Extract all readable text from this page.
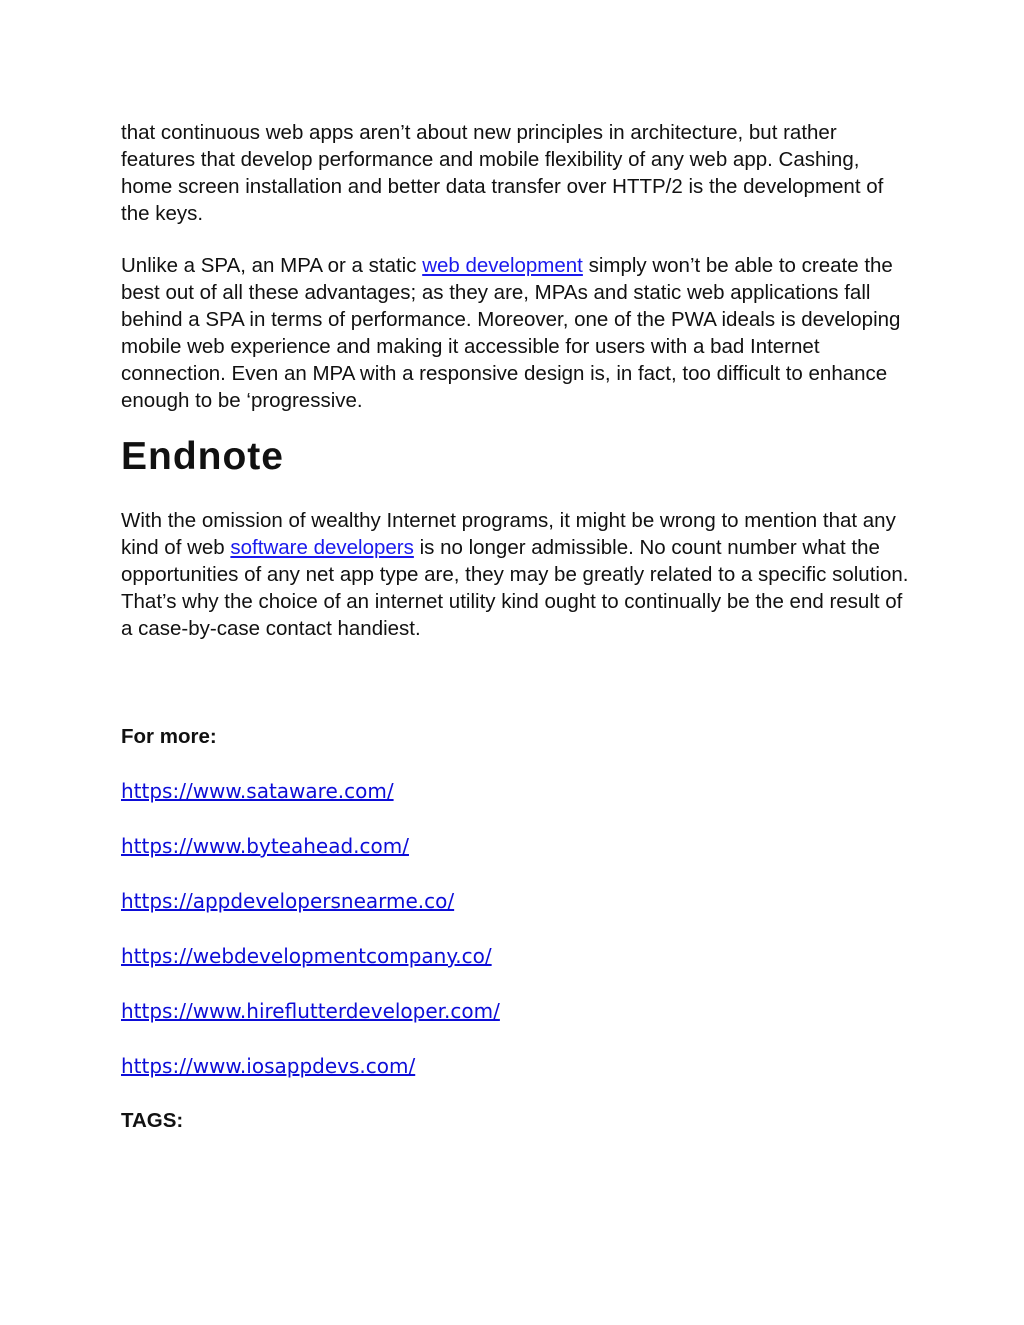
that continuous web apps aren’t about new principles in architecture, but rather features that develop performance and mobile flexibility of any web app. Cashing, home screen installation and better data transfer over HTTP/2 is the development of the keys.

Unlike a SPA, an MPA or a static web development simply won’t be able to create the best out of all these advantages; as they are, MPAs and static web applications fall behind a SPA in terms of performance. Moreover, one of the PWA ideals is developing mobile web experience and making it accessible for users with a bad Internet connection. Even an MPA with a responsive design is, in fact, too difficult to enhance enough to be ‘progressive.

Endnote

With the omission of wealthy Internet programs, it might be wrong to mention that any kind of web software developers is no longer admissible. No count number what the opportunities of any net app type are, they may be greatly related to a specific solution. That’s why the choice of an internet utility kind ought to continually be the end result of a case-by-case contact handiest.

For more:
https://www.sataware.com/
https://www.byteahead.com/
https://appdevelopersnearme.co/
https://webdevelopmentcompany.co/
https://www.hireflutterdeveloper.com/
https://www.iosappdevs.com/
TAGS:
